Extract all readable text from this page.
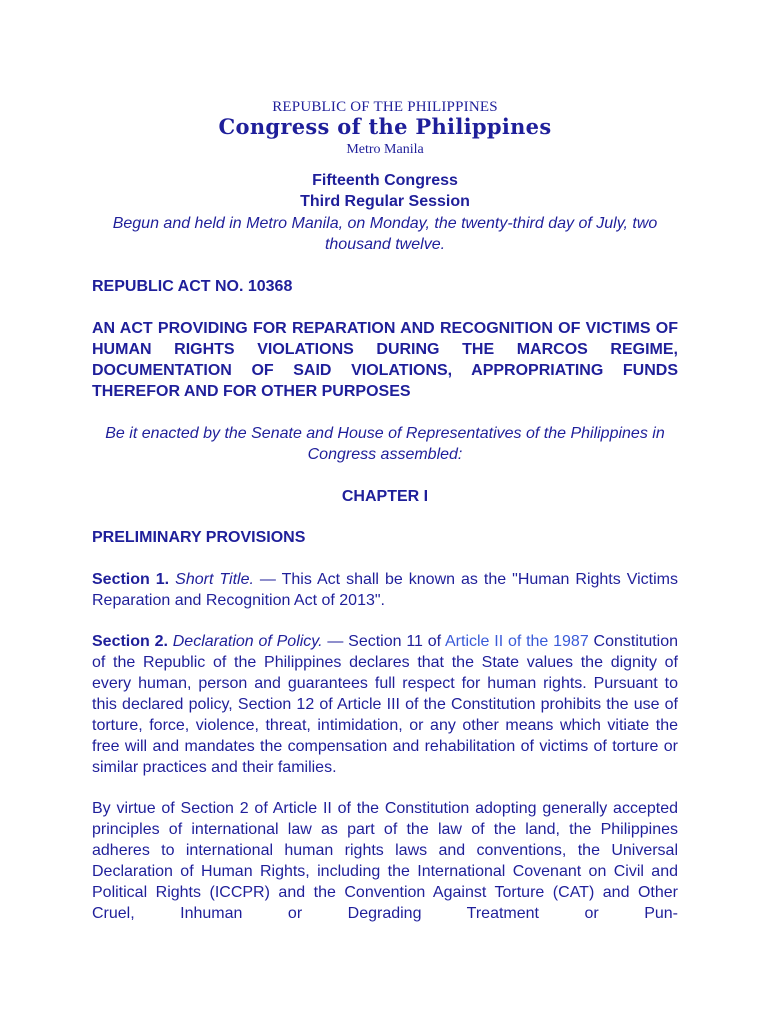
REPUBLIC OF THE PHILIPPINES
Congress of the Philippines
Metro Manila
Fifteenth Congress
Third Regular Session
Begun and held in Metro Manila, on Monday, the twenty-third day of July, two thousand twelve.
REPUBLIC ACT NO. 10368
AN ACT PROVIDING FOR REPARATION AND RECOGNITION OF VICTIMS OF HUMAN RIGHTS VIOLATIONS DURING THE MARCOS REGIME, DOCUMENTATION OF SAID VIOLATIONS, APPROPRIATING FUNDS THEREFOR AND FOR OTHER PURPOSES
Be it enacted by the Senate and House of Representatives of the Philippines in Congress assembled:
CHAPTER I
PRELIMINARY PROVISIONS
Section 1. Short Title. — This Act shall be known as the "Human Rights Victims Reparation and Recognition Act of 2013".
Section 2. Declaration of Policy. — Section 11 of Article II of the 1987 Constitution of the Republic of the Philippines declares that the State values the dignity of every human, person and guarantees full respect for human rights. Pursuant to this declared policy, Section 12 of Article III of the Constitution prohibits the use of torture, force, violence, threat, intimidation, or any other means which vitiate the free will and mandates the compensation and rehabilitation of victims of torture or similar practices and their families.
By virtue of Section 2 of Article II of the Constitution adopting generally accepted principles of international law as part of the law of the land, the Philippines adheres to international human rights laws and conventions, the Universal Declaration of Human Rights, including the International Covenant on Civil and Political Rights (ICCPR) and the Convention Against Torture (CAT) and Other Cruel, Inhuman or Degrading Treatment or Pun-
